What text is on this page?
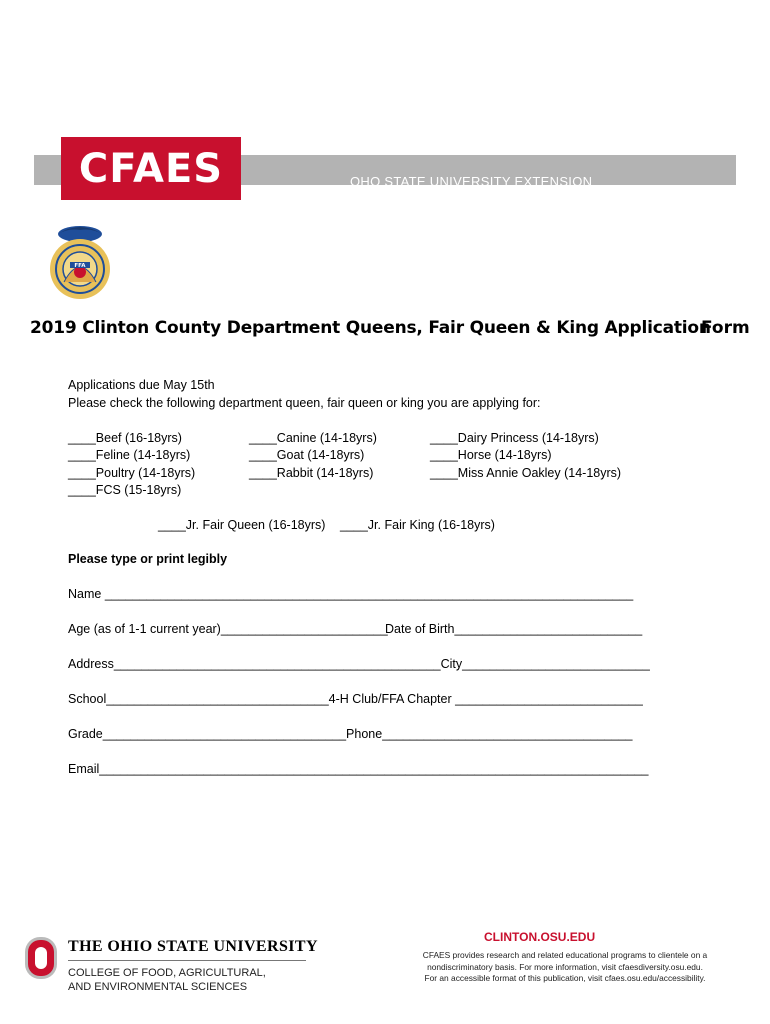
CFAES	OHO STATE UNIVERSITY EXTENSION
FFA
2019 Clinton County Department Queens, Fair Queen & King Application
Form
Applications due May 15th
Please check the following department queen, fair queen or king you are applying for:
____Beef (16-18yrs)
____Feline (14-18yrs)
____Poultry (14-18yrs)
____FCS (15-18yrs)
____Canine (14-18yrs)
____Goat (14-18yrs)
____Rabbit (14-18yrs)
____Dairy Princess (14-18yrs)
____Horse (14-18yrs)
____Miss Annie Oakley (14-18yrs)
____Jr. Fair Queen (16-18yrs) ____Jr. Fair King (16-18yrs)
Please type or print legibly
Name ____________________________________________________________________________
Age (as of 1-1 current year)________________________
Date of Birth___________________________
Address_______________________________________________City___________________________
School________________________________4-H Club/FFA Chapter ___________________________
Grade___________________________________Phone____________________________________
Email_______________________________________________________________________________
THE OHIO STATE UNIVERSITY
COLLEGE OF FOOD, AGRICULTURAL,
AND ENVIRONMENTAL SCIENCES
CLINTON.OSU.EDU
CFAES provides research and related educational programs to clientele on a
nondiscriminatory basis. For more information, visit cfaesdiversity.osu.edu.
For an accessible format of this publication, visit cfaes.osu.edu/accessibility.
